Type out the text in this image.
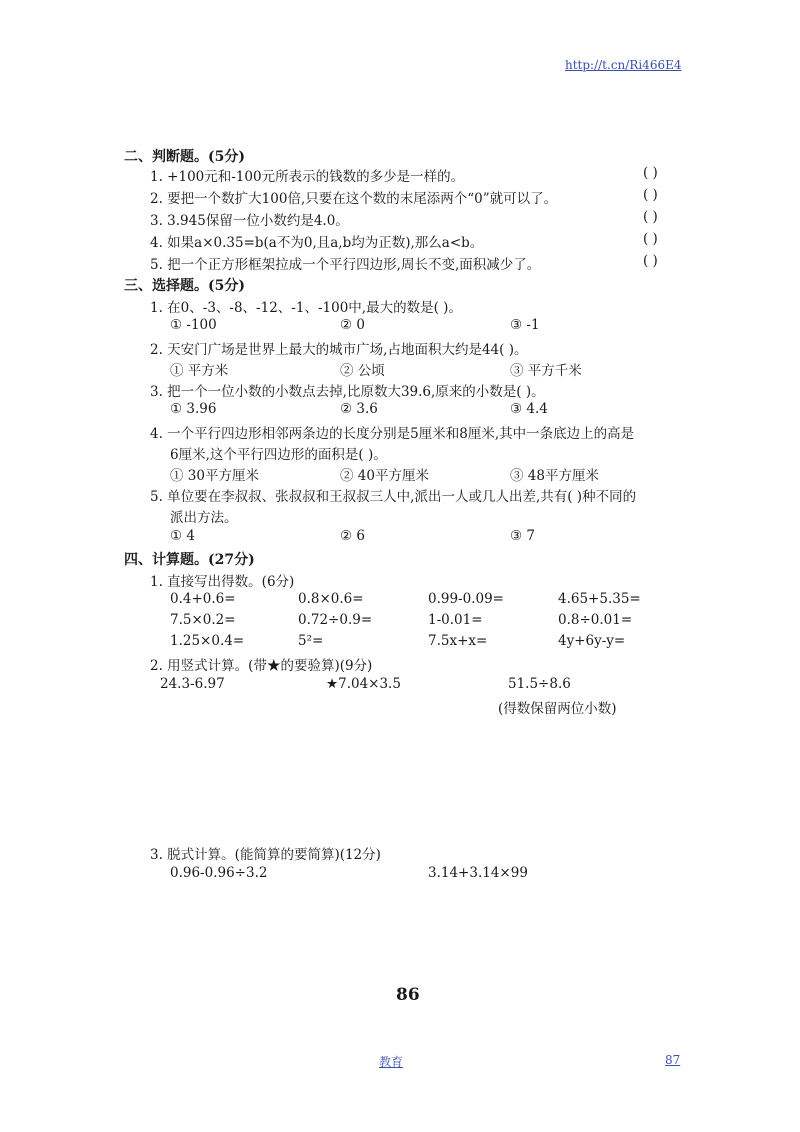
http://t.cn/Ri466E4
二、判断题。(5分)
1. +100元和-100元所表示的钱数的多少是一样的。	( )
2. 要把一个数扩大100倍,只要在这个数的末尾添两个“0”就可以了。	( )
3. 3.945保留一位小数约是4.0。	( )
4. 如果a×0.35=b(a不为0,且a,b均为正数),那么a<b。	( )
5. 把一个正方形框架拉成一个平行四边形,周长不变,面积减少了。	( )
三、选择题。(5分)
1. 在0、-3、-8、-12、-1、-100中,最大的数是( )。
① -100	② 0	③ -1
2. 天安门广场是世界上最大的城市广场,占地面积大约是44( )。
① 平方米	② 公顷	③ 平方千米
3. 把一个一位小数的小数点去掉,比原数大39.6,原来的小数是( )。
① 3.96	② 3.6	③ 4.4
4. 一个平行四边形相邻两条边的长度分别是5厘米和8厘米,其中一条底边上的高是
6厘米,这个平行四边形的面积是( )。
① 30平方厘米	② 40平方厘米	③ 48平方厘米
5. 单位要在李叔叔、张叔叔和王叔叔三人中,派出一人或几人出差,共有( )种不同的
派出方法。
① 4	② 6	③ 7
四、计算题。(27分)
1. 直接写出得数。(6分)
0.4+0.6=	0.8×0.6=	0.99-0.09=	4.65+5.35=
7.5×0.2=	0.72÷0.9=	1-0.01=	0.8÷0.01=
1.25×0.4=	5²=	7.5x+x=	4y+6y-y=
2. 用竖式计算。(带★的要验算)(9分)
24.3-6.97	★7.04×3.5	51.5÷8.6
(得数保留两位小数)
3. 脱式计算。(能简算的要简算)(12分)
0.96-0.96÷3.2	3.14+3.14×99
86
教育	87
